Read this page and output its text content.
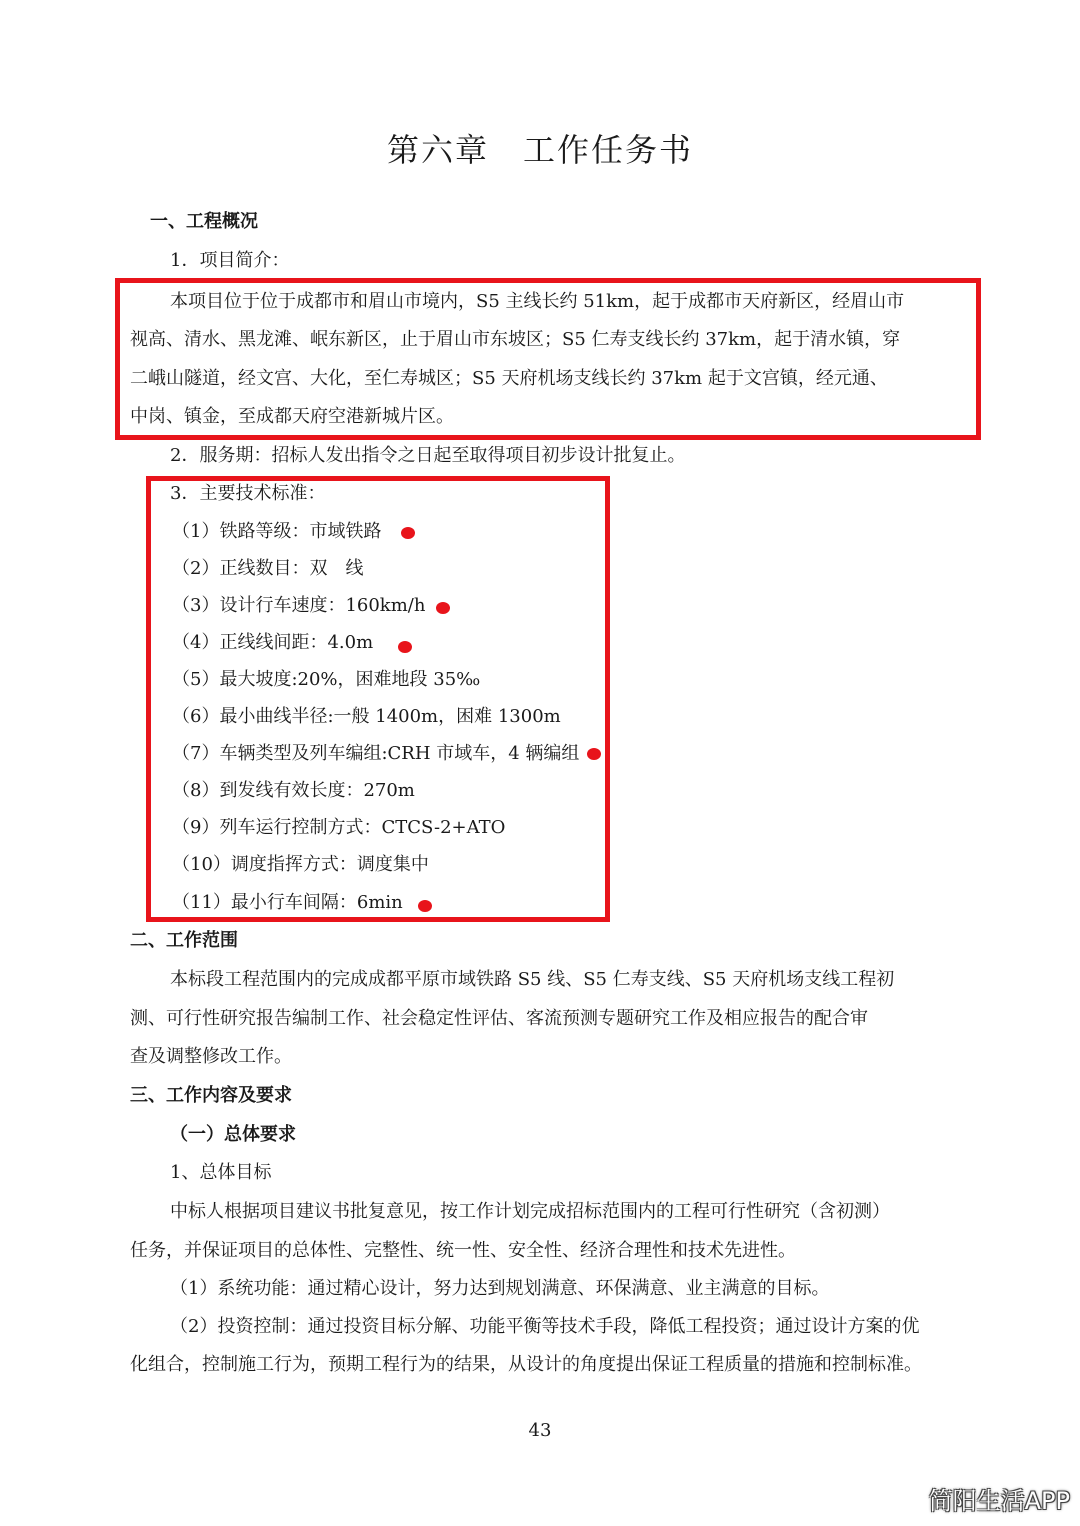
第六章　工作任务书
一、工程概况
1．项目简介：
本项目位于位于成都市和眉山市境内，S5 主线长约 51km，起于成都市天府新区，经眉山市
视高、清水、黑龙滩、岷东新区，止于眉山市东坡区；S5 仁寿支线长约 37km，起于清水镇，穿
二峨山隧道，经文宫、大化，至仁寿城区；S5 天府机场支线长约 37km 起于文宫镇，经元通、
中岗、镇金，至成都天府空港新城片区。
2．服务期：招标人发出指令之日起至取得项目初步设计批复止。
3．主要技术标准：
（1）铁路等级：市域铁路
（2）正线数目：双　线
（3）设计行车速度：160km/h
（4）正线线间距：4.0m
（5）最大坡度:20%，困难地段 35‰
（6）最小曲线半径:一般 1400m，困难 1300m
（7）车辆类型及列车编组:CRH 市域车，4 辆编组
（8）到发线有效长度：270m
（9）列车运行控制方式：CTCS-2+ATO
（10）调度指挥方式：调度集中
（11）最小行车间隔：6min
二、工作范围
本标段工程范围内的完成成都平原市域铁路 S5 线、S5 仁寿支线、S5 天府机场支线工程初
测、可行性研究报告编制工作、社会稳定性评估、客流预测专题研究工作及相应报告的配合审
查及调整修改工作。
三、工作内容及要求
（一）总体要求
1、总体目标
中标人根据项目建议书批复意见，按工作计划完成招标范围内的工程可行性研究（含初测）
任务，并保证项目的总体性、完整性、统一性、安全性、经济合理性和技术先进性。
（1）系统功能：通过精心设计，努力达到规划满意、环保满意、业主满意的目标。
（2）投资控制：通过投资目标分解、功能平衡等技术手段，降低工程投资；通过设计方案的优
化组合，控制施工行为，预期工程行为的结果，从设计的角度提出保证工程质量的措施和控制标准。
43
简阳生活APP
